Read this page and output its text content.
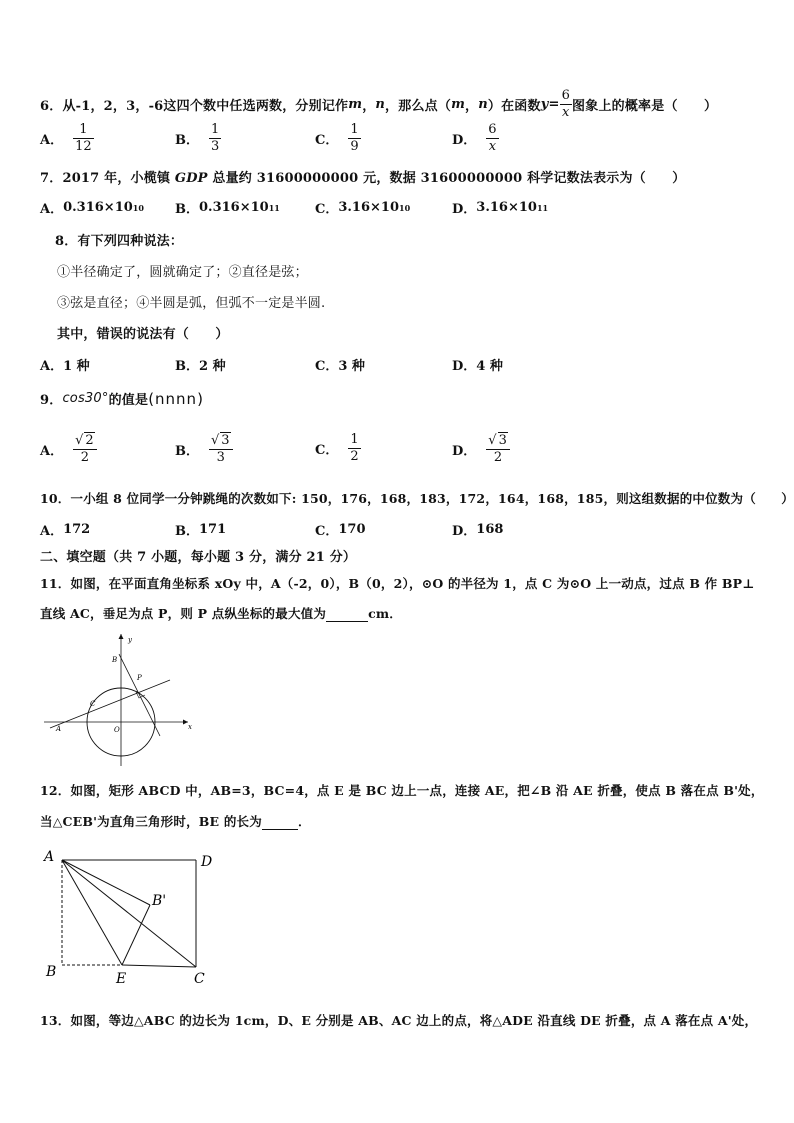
6．从-1，2，3，-6这四个数中任选两数，分别记作 m ， n ，那么点（ m ， n ）在函数 $y = \frac{6}{x}$ 图象上的概率是（　　）
A． $\frac{1}{12}$	B． $\frac{1}{3}$	C． $\frac{1}{9}$	D． $\frac{6}{x}$
7．2017 年，小榄镇 GDP 总量约 31600000000 元，数据 31600000000 科学记数法表示为（　　）
A． 0.316×10 10 B． 0.316×10 11	C． 3.16×10 10	D． 3.16×10 11
8．有下列四种说法：
①半径确定了，圆就确定了；②直径是弦；
③弦是直径；④半圆是弧，但弧不一定是半圆.
其中，错误的说法有（　　）
A． 1 种	B． 2 种	C． 3 种	D． 4 种
9． cos30° 的值是 (nnnn)
A． $\frac{√ 2}{2}$	B． $\frac{√ 3}{3}$	C． $\frac{1}{2}$	D． $\frac{√ 3}{2}$
10．一小组 8 位同学一分钟跳绳的次数如下: 150，176，168，183，172，164，168，185，则这组数据的中位数为（　　）
A． 172	B． 171	C． 170	D． 168
二、填空题（共 7 小题，每小题 3 分，满分 21 分）
11．如图，在平面直角坐标系 xOy 中，A（-2，0），B（0，2），⊙O 的半径为 1，点 C 为⊙O 上一动点，过点 B 作 BP⊥
直线 AC，垂足为点 P，则 P 点纵坐标的最大值为	cm．
y
x
B
P
C
A	O
12．如图，矩形 ABCD 中，AB=3，BC=4，点 E 是 BC 边上一点，连接 AE，把∠B 沿 AE 折叠，使点 B 落在点 B'处，
当△CEB'为直角三角形时，BE 的长为	．
A	D
B'
B	E	C
13．如图，等边△ABC 的边长为 1cm，D、E 分别是 AB、AC 边上的点，将△ADE 沿直线 DE 折叠，点 A 落在点 A'处，
